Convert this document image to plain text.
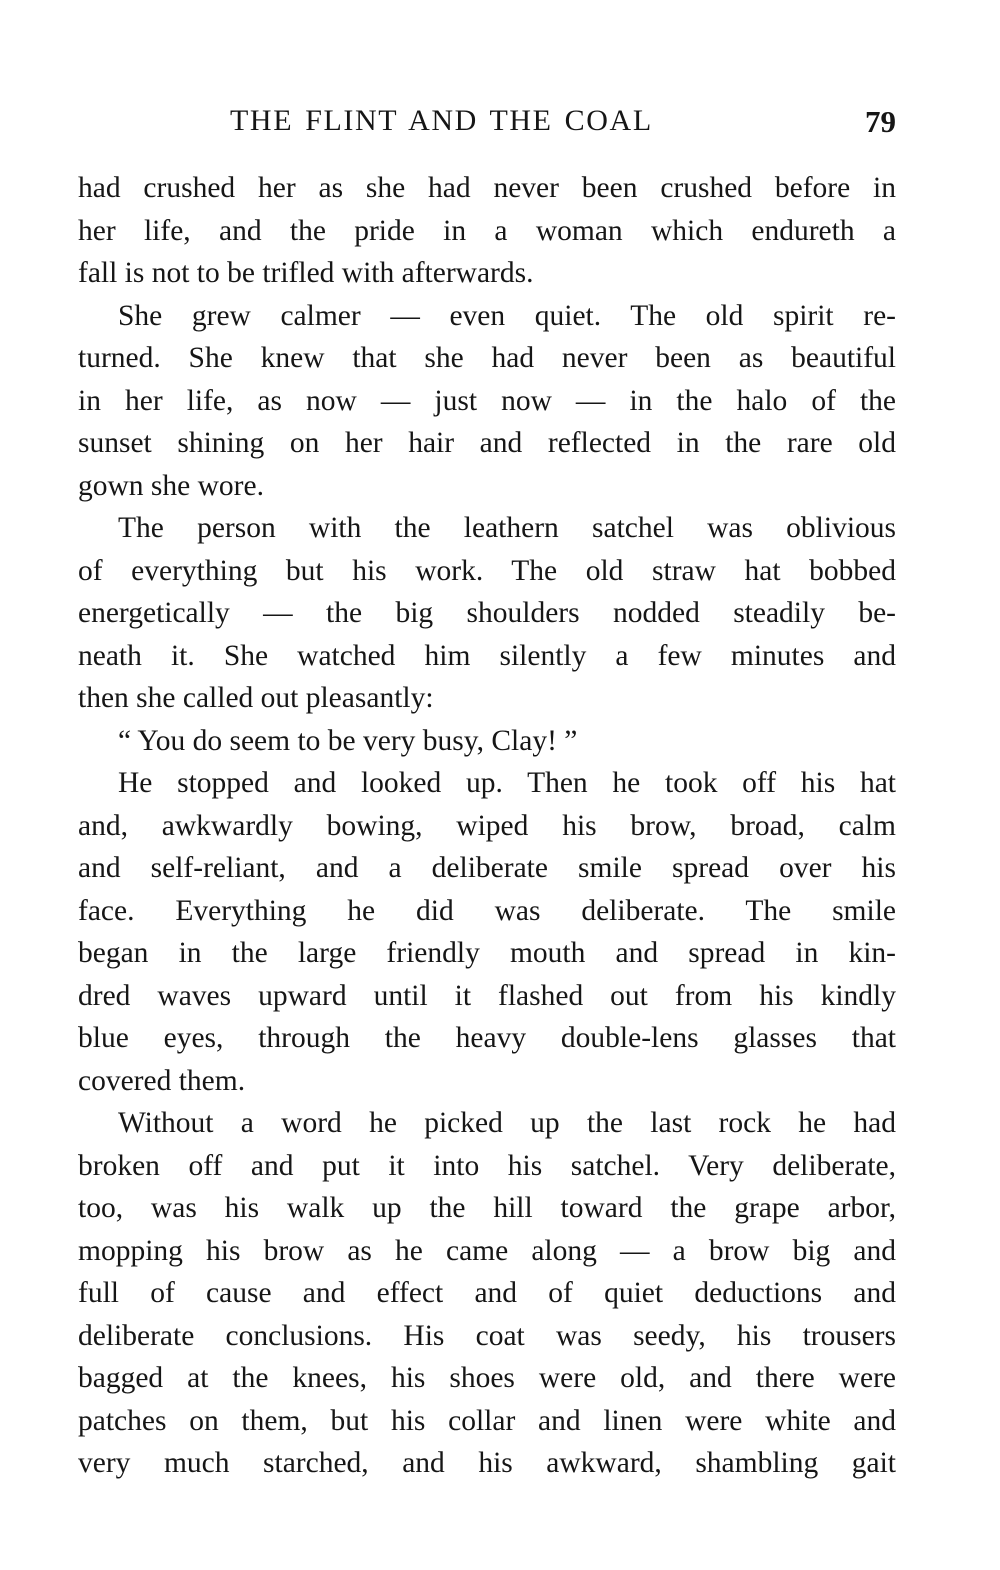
THE FLINT AND THE COAL	79
had crushed her as she had never been crushed before in
her life, and the pride in a woman which endureth a
fall is not to be trifled with afterwards.
She grew calmer — even quiet. The old spirit re-
turned. She knew that she had never been as beautiful
in her life, as now — just now — in the halo of the
sunset shining on her hair and reflected in the rare old
gown she wore.
The person with the leathern satchel was oblivious
of everything but his work. The old straw hat bobbed
energetically — the big shoulders nodded steadily be-
neath it. She watched him silently a few minutes and
then she called out pleasantly:
“ You do seem to be very busy, Clay! ”
He stopped and looked up. Then he took off his hat
and, awkwardly bowing, wiped his brow, broad, calm
and self-reliant, and a deliberate smile spread over his
face. Everything he did was deliberate. The smile
began in the large friendly mouth and spread in kin-
dred waves upward until it flashed out from his kindly
blue eyes, through the heavy double-lens glasses that
covered them.
Without a word he picked up the last rock he had
broken off and put it into his satchel. Very deliberate,
too, was his walk up the hill toward the grape arbor,
mopping his brow as he came along — a brow big and
full of cause and effect and of quiet deductions and
deliberate conclusions. His coat was seedy, his trousers
bagged at the knees, his shoes were old, and there were
patches on them, but his collar and linen were white and
very much starched, and his awkward, shambling gait
